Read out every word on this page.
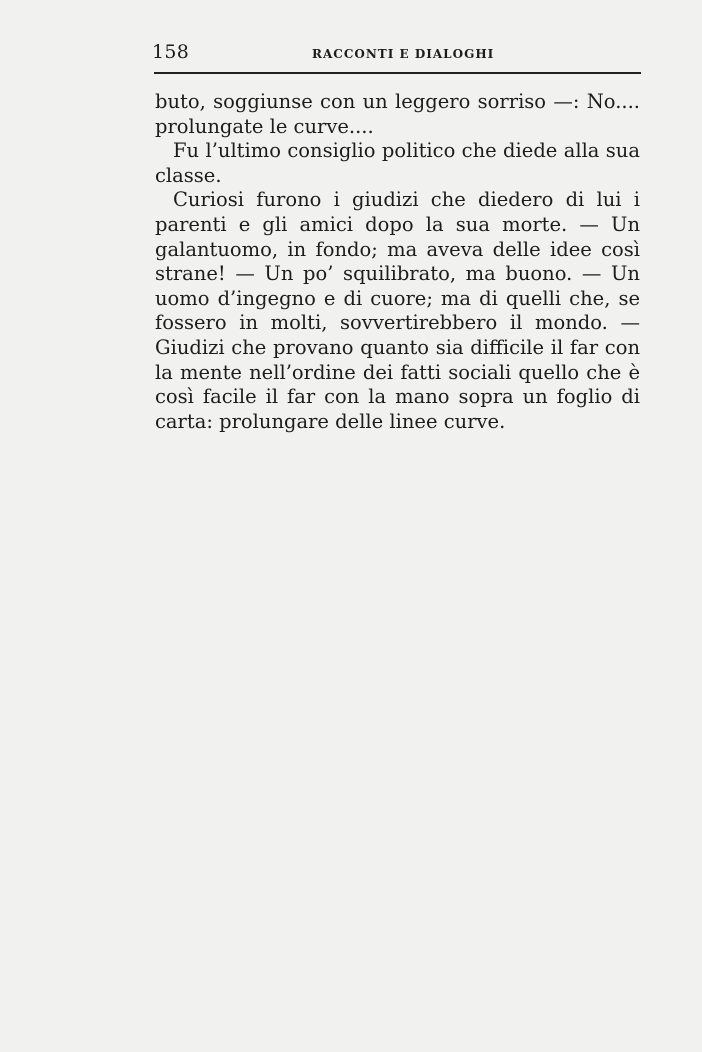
158	RACCONTI E DIALOGHI

buto, soggiunse con un leggero sorriso —: No.... prolungate le curve....

Fu l’ultimo consiglio politico che diede alla sua classe.

Curiosi furono i giudizi che diedero di lui i parenti e gli amici dopo la sua morte. — Un galantuomo, in fondo; ma aveva delle idee così strane! — Un po’ squilibrato, ma buono. — Un uomo d’ingegno e di cuore; ma di quelli che, se fossero in molti, sovvertirebbero il mondo. — Giudizi che provano quanto sia difficile il far con la mente nell’ordine dei fatti sociali quello che è così facile il far con la mano sopra un foglio di carta: prolungare delle linee curve.
